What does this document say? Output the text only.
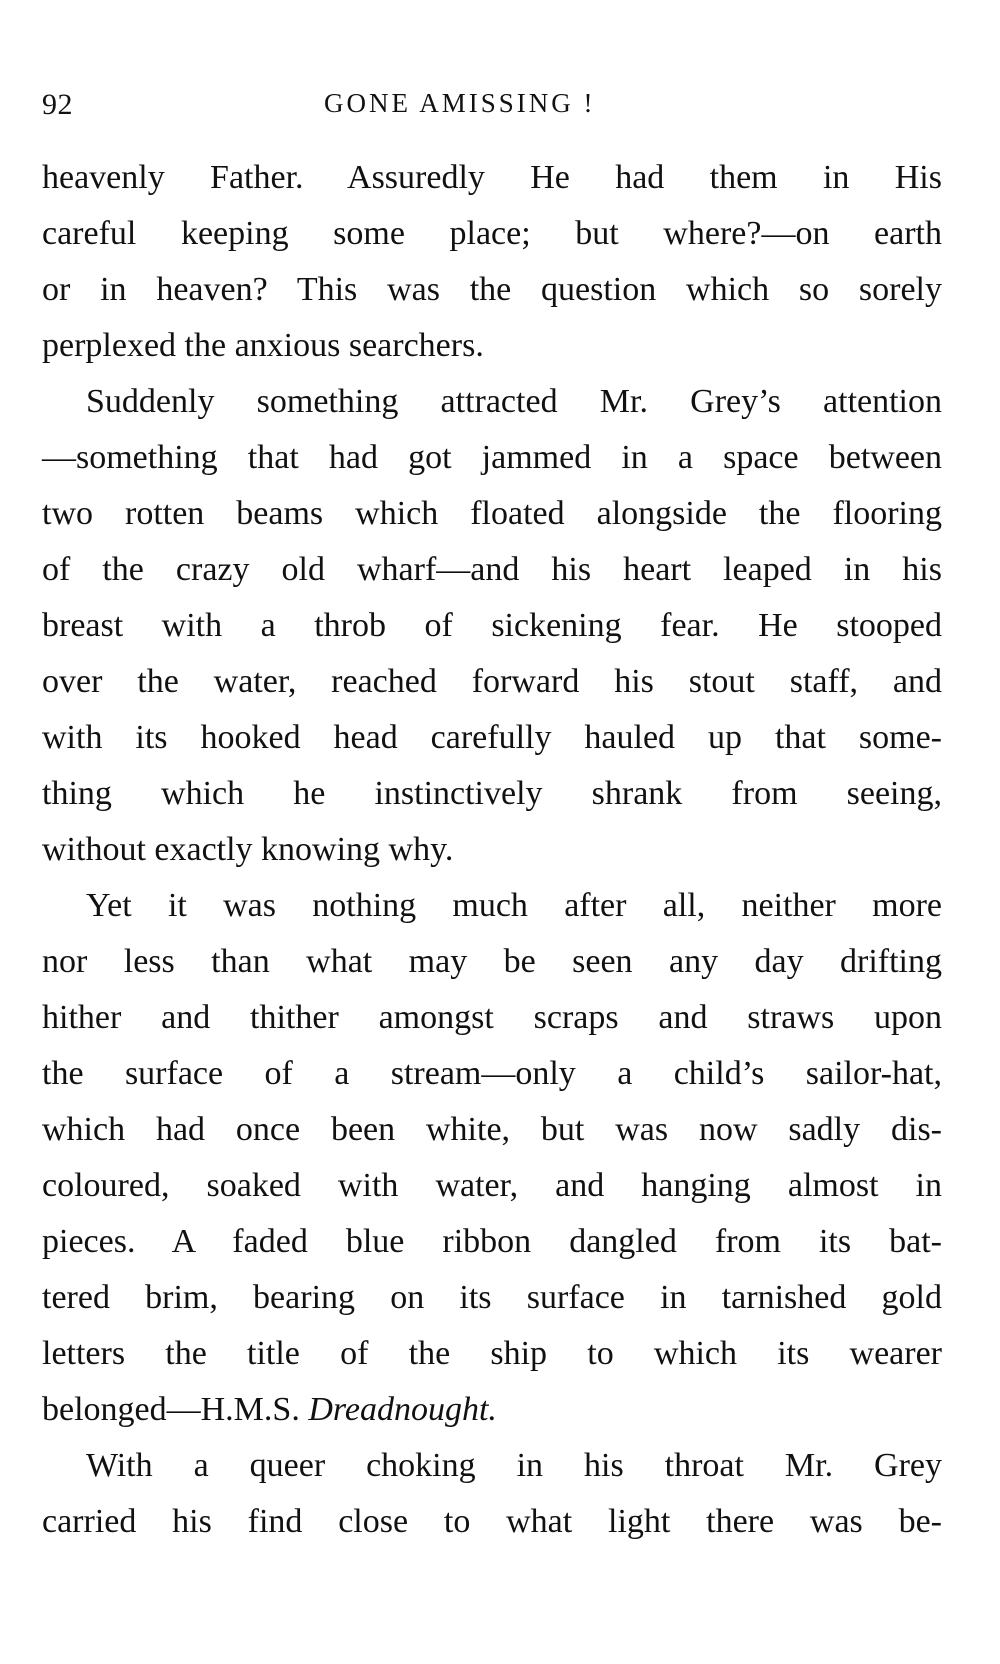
92	GONE AMISSING !
heavenly Father. Assuredly He had them in His
careful keeping some place; but where?—on earth
or in heaven? This was the question which so sorely
perplexed the anxious searchers.
Suddenly something attracted Mr. Grey’s attention
—something that had got jammed in a space between
two rotten beams which floated alongside the flooring
of the crazy old wharf—and his heart leaped in his
breast with a throb of sickening fear. He stooped
over the water, reached forward his stout staff, and
with its hooked head carefully hauled up that some-
thing which he instinctively shrank from seeing,
without exactly knowing why.
Yet it was nothing much after all, neither more
nor less than what may be seen any day drifting
hither and thither amongst scraps and straws upon
the surface of a stream—only a child’s sailor-hat,
which had once been white, but was now sadly dis-
coloured, soaked with water, and hanging almost in
pieces. A faded blue ribbon dangled from its bat-
tered brim, bearing on its surface in tarnished gold
letters the title of the ship to which its wearer
belonged—H.M.S. Dreadnought.
With a queer choking in his throat Mr. Grey
carried his find close to what light there was be-
